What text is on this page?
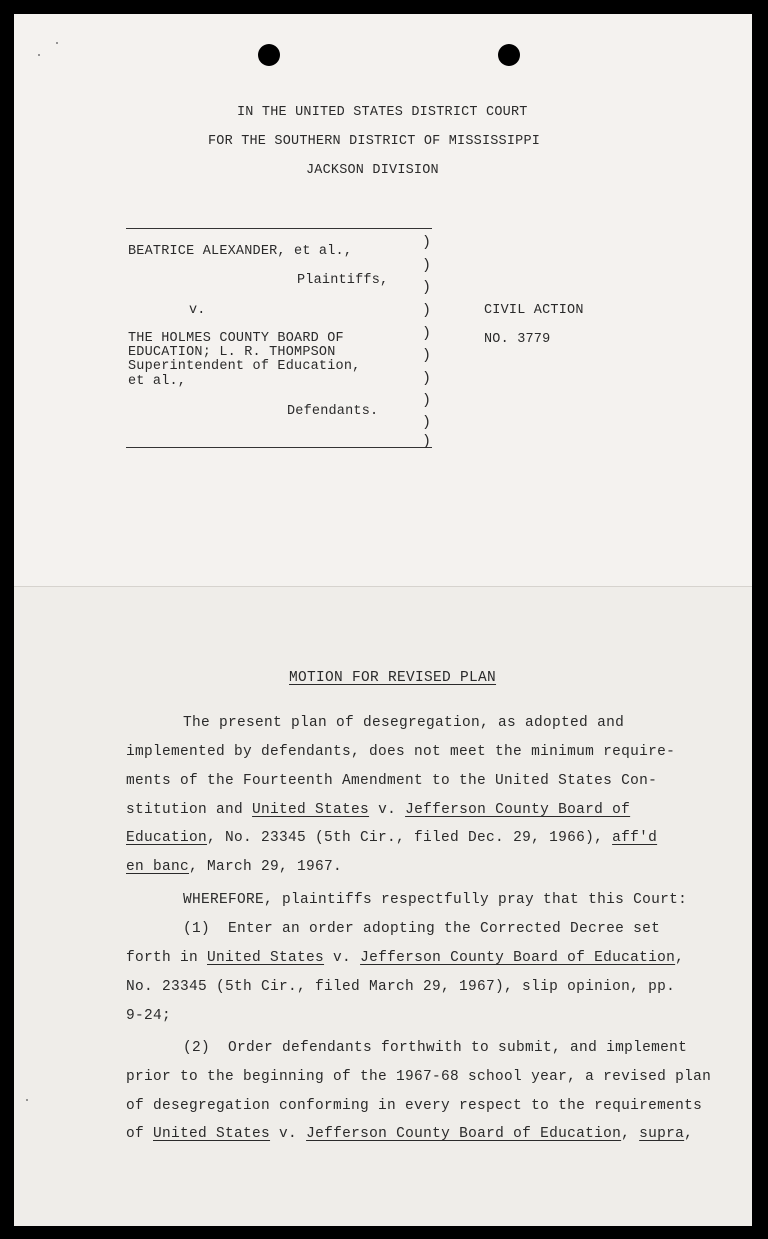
IN THE UNITED STATES DISTRICT COURT
FOR THE SOUTHERN DISTRICT OF MISSISSIPPI
JACKSON DIVISION
BEATRICE ALEXANDER, et al.,
Plaintiffs,
v.
THE HOLMES COUNTY BOARD OF
EDUCATION; L. R. THOMPSON
Superintendent of Education,
et al.,
Defendants.
)
)
)
)
)
)
)
)
)
)
CIVIL ACTION
NO. 3779
MOTION FOR REVISED PLAN
The present plan of desegregation, as adopted and
implemented by defendants, does not meet the minimum require-
ments of the Fourteenth Amendment to the United States Con-
stitution and United States v. Jefferson County Board of
Education, No. 23345 (5th Cir., filed Dec. 29, 1966), aff'd
en banc, March 29, 1967.
WHEREFORE, plaintiffs respectfully pray that this Court:
(1)  Enter an order adopting the Corrected Decree set
forth in United States v. Jefferson County Board of Education,
No. 23345 (5th Cir., filed March 29, 1967), slip opinion, pp.
9-24;
(2)  Order defendants forthwith to submit, and implement
prior to the beginning of the 1967-68 school year, a revised plan
of desegregation conforming in every respect to the requirements
of United States v. Jefferson County Board of Education, supra,
